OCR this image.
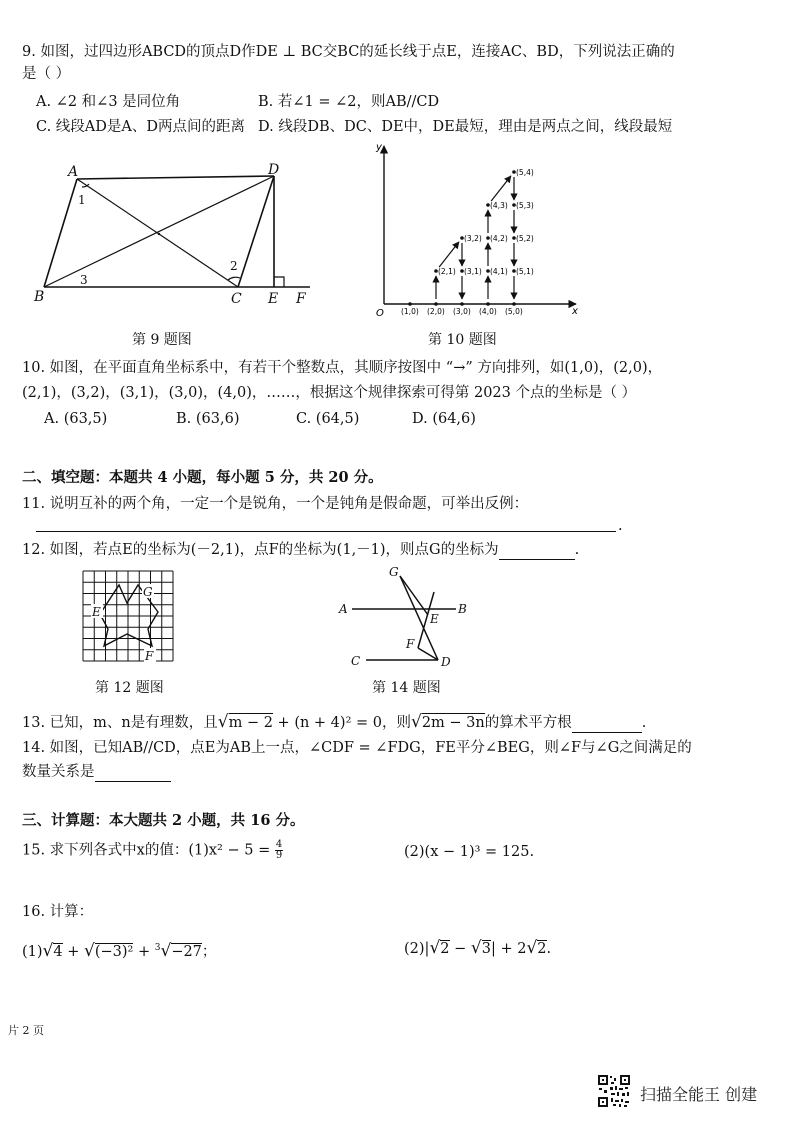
9. 如图，过四边形ABCD的顶点D作DE ⊥ BC交BC的延长线于点E，连接AC、BD，下列说法正确的
是（ ）
A. ∠2 和∠3 是同位角	B. 若∠1 = ∠2，则AB//CD
C. 线段AD是A、D两点间的距离 D. 线段DB、DC、DE中，DE最短，理由是两点之间，线段最短
A	D
B	C E F
1
2
3
第 9 题图
y
x
O (1,0) (2,0)
(2,1)
(3,2)
(3,1)
(3,0) (4,0)
(4,1)
(4,2)
(4,3)
(5,4)
(5,3)
(5,2)
(5,1)
(5,0)
第 10 题图
10. 如图，在平面直角坐标系中，有若干个整数点，其顺序按图中 “→” 方向排列，如(1,0)，(2,0)，
(2,1)，(3,2)，(3,1)，(3,0)，(4,0)，……，根据这个规律探索可得第 2023 个点的坐标是（ ）
A. (63,5)	B. (63,6)	C. (64,5)	D. (64,6)
二、填空题：本题共 4 小题，每小题 5 分，共 20 分。
11. 说明互补的两个角，一定一个是锐角，一个是钝角是假命题，可举出反例：
.
12. 如图，若点E的坐标为(－2,1)，点F的坐标为(1,－1)，则点G的坐标为	.
E
G
F
第 12 题图
G
A	B
E
F
C	D
第 14 题图
13. 已知，m、n是有理数，且√m − 2 + (n + 4)² = 0，则√2m − 3n的算术平方根	.
14. 如图，已知AB//CD，点E为AB上一点，∠CDF = ∠FDG，FE平分∠BEG，则∠F与∠G之间满足的
数量关系是
三、计算题：本大题共 2 小题，共 16 分。
15. 求下列各式中x的值：$(1)x^2 - 5 = \frac{4}{9}$	(2)(x − 1)³ = 125.
16. 计算：
(1)√4 + √(−3)² + $^3$√−27；	(2)|√2 − √3| + 2√2.
片 2 页
扫描全能王 创建
